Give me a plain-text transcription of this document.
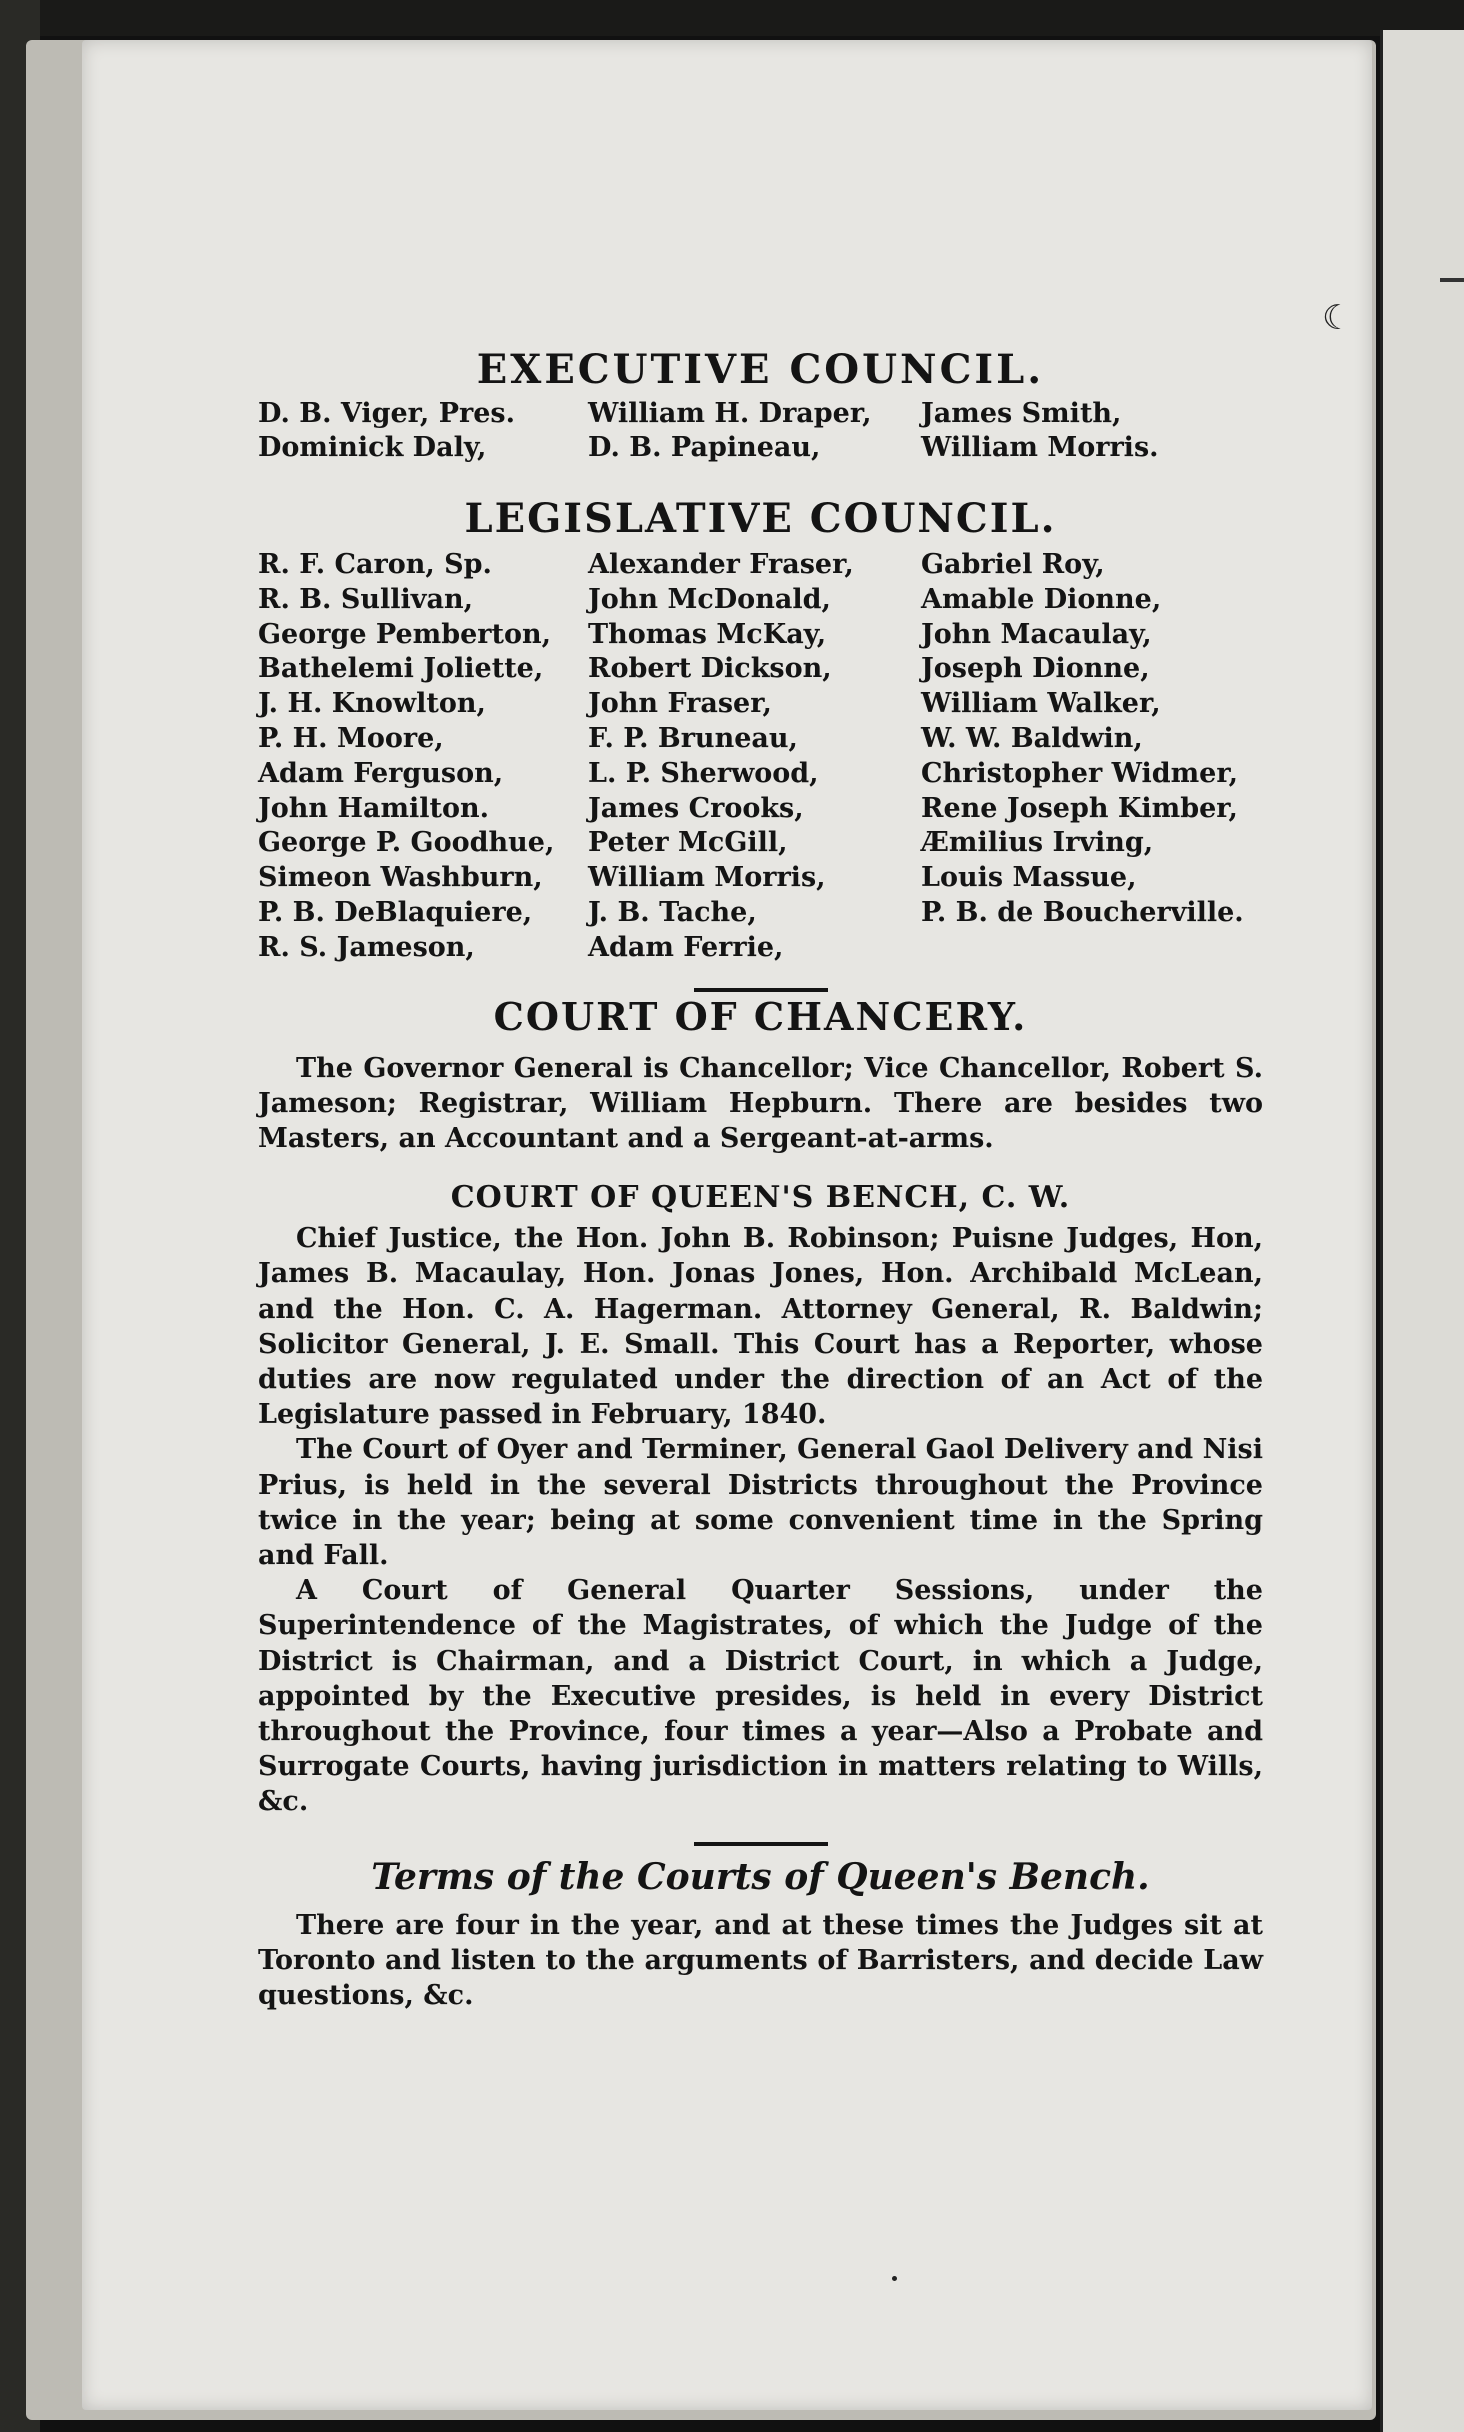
☾
EXECUTIVE COUNCIL.
D. B. Viger, Pres.	William H. Draper,	James Smith,
Dominick Daly,	D. B. Papineau,	William Morris.
LEGISLATIVE COUNCIL.
R. F. Caron, Sp.	Alexander Fraser,	Gabriel Roy,
R. B. Sullivan,	John McDonald,	Amable Dionne,
George Pemberton,	Thomas McKay,	John Macaulay,
Bathelemi Joliette,	Robert Dickson,	Joseph Dionne,
J. H. Knowlton,	John Fraser,	William Walker,
P. H. Moore,	F. P. Bruneau,	W. W. Baldwin,
Adam Ferguson,	L. P. Sherwood,	Christopher Widmer,
John Hamilton.	James Crooks,	Rene Joseph Kimber,
George P. Goodhue,	Peter McGill,	Æmilius Irving,
Simeon Washburn,	William Morris,	Louis Massue,
P. B. DeBlaquiere,	J. B. Tache,	P. B. de Boucherville.
R. S. Jameson,	Adam Ferrie,
COURT OF CHANCERY.

The Governor General is Chancellor; Vice Chancellor, Robert S. Jameson; Registrar, William Hepburn. There are besides two Masters, an Accountant and a Sergeant-at-arms.

COURT OF QUEEN'S BENCH, C. W.

Chief Justice, the Hon. John B. Robinson; Puisne Judges, Hon, James B. Macaulay, Hon. Jonas Jones, Hon. Archibald McLean, and the Hon. C. A. Hagerman. Attorney General, R. Baldwin; Solicitor General, J. E. Small. This Court has a Reporter, whose duties are now regulated under the direction of an Act of the Legislature passed in February, 1840.

The Court of Oyer and Terminer, General Gaol Delivery and Nisi Prius, is held in the several Districts throughout the Province twice in the year; being at some convenient time in the Spring and Fall.

A Court of General Quarter Sessions, under the Superintendence of the Magistrates, of which the Judge of the District is Chairman, and a District Court, in which a Judge, appointed by the Executive presides, is held in every District throughout the Province, four times a year—Also a Probate and Surrogate Courts, having jurisdiction in matters relating to Wills, &c.

Terms of the Courts of Queen's Bench.

There are four in the year, and at these times the Judges sit at Toronto and listen to the arguments of Barristers, and decide Law questions, &c.
